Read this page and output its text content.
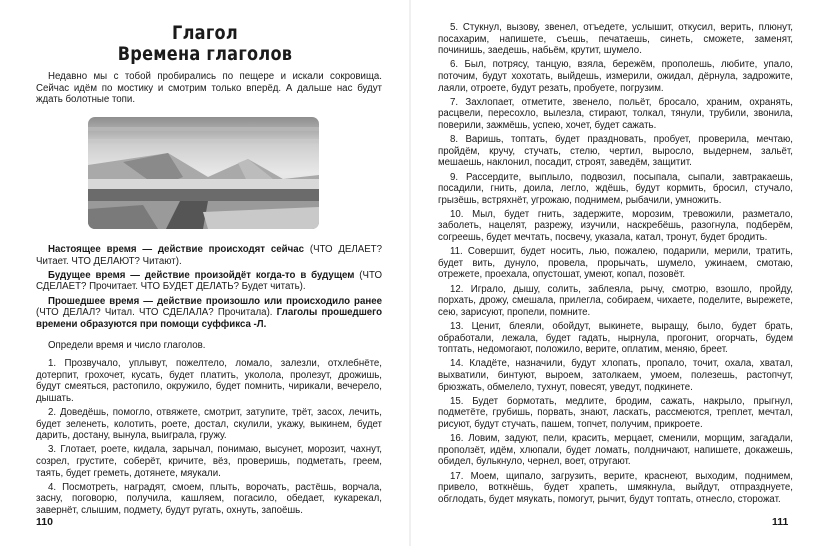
Глагол
Времена глаголов

Недавно мы с тобой пробирались по пещере и искали сокровища. Сейчас идём по мостику и смотрим только вперёд. А дальше нас будут ждать болотные топи.

Настоящее время — действие происходят сейчас (ЧТО ДЕЛАЕТ? Читает. ЧТО ДЕЛАЮТ? Читают).

Будущее время — действие произойдёт когда-то в будущем (ЧТО СДЕЛАЕТ? Прочитает. ЧТО БУДЕТ ДЕЛАТЬ? Будет читать).

Прошедшее время — действие произошло или происходило ранее (ЧТО ДЕЛАЛ? Читал. ЧТО СДЕЛАЛА? Прочитала). Глаголы прошедшего времени образуются при помощи суффикса -Л.

Определи время и число глаголов.

1. Прозвучало, уплывут, пожелтело, ломало, залезли, отхлебнёте, дотерпит, грохочет, кусать, будет платить, уколола, пролезут, дрожишь, будут смеяться, растопило, окружило, будет помнить, чирикали, вечерело, дышать.

2. Доведёшь, помогло, отвяжете, смотрит, затупите, трёт, засох, лечить, будет зеленеть, колотить, роете, достал, скулили, укажу, выкинем, будет дарить, достану, вынула, выиграла, гружу.

3. Глотает, роете, кидала, зарычал, понимаю, высунет, морозит, чахнут, созрел, грустите, соберёт, кричите, вёз, проверишь, подметать, греем, таять, будет греметь, дотянете, мяукали.

4. Посмотреть, наградят, смоем, плыть, ворочать, растёшь, ворчала, засну, поговорю, получила, кашляем, погасило, обедает, кукарекал, завернёт, слышим, подмету, будут ругать, охнуть, запоёшь.

110

5. Стукнул, вызову, звенел, отъедете, услышит, откусил, верить, плюнут, посахарим, напишете, съешь, печатаешь, синеть, сможете, заменят, починишь, заедешь, набьём, крутит, шумело.

6. Был, потрясу, танцую, взяла, бережём, прополешь, любите, упало, поточим, будут хохотать, выйдешь, измерили, ожидал, дёрнула, задрожите, лаяли, отроете, будут резать, пробуете, погрузим.

7. Захлопает, отметите, звенело, польёт, бросало, храним, охранять, расцвели, пересохло, вылезла, стирают, толкал, тянули, трубили, звонила, поверили, зажмёшь, успею, хочет, будет сажать.

8. Варишь, топтать, будет праздновать, пробует, проверила, мечтаю, пройдём, кручу, стучать, стелю, чертил, выросло, выдернем, зальёт, мешаешь, наклонил, посадит, строят, заведём, защитит.

9. Рассердите, выплыло, подвозил, посыпала, сыпали, завтракаешь, посадили, гнить, доила, легло, ждёшь, будут кормить, бросил, стучало, грызёшь, встряхнёт, угрожаю, поднимем, рыбачили, умножить.

10. Мыл, будет гнить, задержите, морозим, тревожили, разметало, заболеть, нацелят, разрежу, изучили, наскребёшь, разогнула, подберём, согреешь, будет мечтать, посвечу, указала, катал, тронут, будет бродить.

11. Совершит, будет носить, лью, пожалею, подарили, мерили, тратить, будет вить, дунуло, провела, прорычать, шумело, ужинаем, смотаю, отрежете, проехала, опустошат, умеют, копал, позовёт.

12. Играло, дышу, солить, заблеяла, рычу, смотрю, взошло, пройду, порхать, дрожу, смешала, прилегла, собираем, чихаете, поделите, вырежете, сею, зарисуют, пропели, помните.

13. Ценит, блеяли, обойдут, выкинете, выращу, было, будет брать, обработали, лежала, будет гадать, нырнула, прогонит, огорчать, будем топтать, недомогают, положило, верите, оплатим, меняю, бреет.

14. Кладёте, назначили, будут хлопать, пропало, точит, охала, хватал, выхватили, бинтуют, выроем, затолкаем, умоем, полезешь, растопчут, брюзжать, обмелело, тухнут, повесят, уведут, подкинете.

15. Будет бормотать, медлите, бродим, сажать, накрыло, прыгнул, подметёте, грубишь, порвать, знают, ласкать, рассмеются, треплет, мечтал, рисуют, будут стучать, пашем, топчет, получим, прикроете.

16. Ловим, задуют, пели, красить, мерцает, сменили, морщим, загадали, проползёт, идём, хлюпали, будет ломать, полдничают, напишете, докажешь, обидел, булькнуло, чернел, воет, отругают.

17. Моем, щипало, загрузить, верите, краснеют, выходим, поднимем, привело, воткнёшь, будет храпеть, шмякнула, выйдут, отпразднуете, обглодать, будет мяукать, помогут, рычит, будут топтать, отнесло, сторожат.

111
